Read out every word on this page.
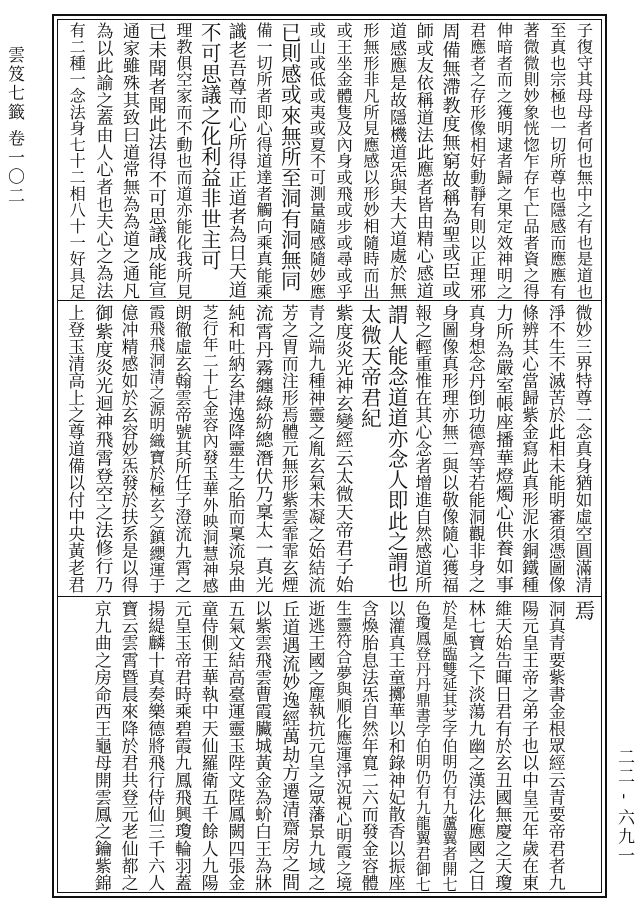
雲笈七籤 卷一〇二
二二 - 六九一
子復守其母母者何也無中之有也是道也
至真也宗極也一切所尊也隱感而應應有
著微微則妙象恍惚乍存乍亡品者資之得
伸暗者而之獲明逮者歸之果定效神明之
君應者之存形像相好動靜有則以正理邪
周備無滯教度無窮故稱為聖或臣或
師或友依稱道法此應者皆由精心感道
道感應是故隱機道炁與夫大道處於無
形無形非凡所見應感以形妙相隨時而出
或王坐金體隻及內身或飛或步或尋或乎
或山或低或夷或夏不可測量隨感隨妙應
已則感或來無所至洞有洞無同
備一切所者即心得道達者觸向乘真能乘
識老吾尊而心所得正道者為日天道
不可思議之化利益非世主可
理教俱空家而不動也而道亦能化我所見
已未聞者聞此法得不可思議成能宣
通家雖殊其致曰道常無為為道之通凡
為以此諭之蓋由人心者也夫心之為法
有二種一念法身七十二相八十一好具足
微妙三界特尊二念真身猶如虛空圓滿清
淨不生不滅苦於此相未能明審須憑圖像
條辨其心當歸紫金寫此真形泥水銅鐵種
力所為嚴室帳座播華燈燭心供養如事
真身想念丹倒功德齊等若能洞觀非身之
身圖像真形理亦無二與以敬像隨心獲福
報之輕重惟在其心念者增進自然感道所
謂人能念道道亦念人即此之謂也
太微天帝君紀
紫度炎光神玄變經云太微天帝君子始
青之端九種神靈之胤玄氣未凝之始結流
芳之胃而注形焉體元無形紫雲霏霏玄煙
流霄丹霧纏綠紛總潛伏乃稟太一真光
純和吐納玄津逸降靈生之胎而稟流泉曲
芝行年二十七金容內發玉華外映洞慧神感
朗徹虛玄翰雲帝號其所任子澄流九霄之
霞飛飛洞清之源明織寶於極玄之鎮纓運于
億冲精感如於玄容妙炁發於扶系是以得
御紫度炎光迴神飛霄登空之法修行乃
上登玉清高上之尊道備以付中央黃老君
焉
洞真青要紫書金根眾經云青要帝君者九
陽元皇王帝之弟子也以中皇元年歲在東
維天始告暉日君有於玄丑國無慶之天瓊
林七寶之下淡蕩九幽之漢法化應國之日
於是風臨雙延其芝字伯明仍有九蘆翼者開七
色瓊鳳登丹丹鼎書字伯明仍有九龍翼君御七
以灌真王童擲華以和錄神妃散香以振座
含煥胎息法炁自然年寬二六而發金容體
生靈符合夢與順化應運淨況視心明霞之境
逝逃王國之塵執抗元皇之眾藩景九域之
丘道遇流妙逸經萬劫方遷清齋房之間
以紫雲飛雲曹霞臟城黃金為蚧白王為牀
五氣文結高臺運靈玉陛文陛鳳闕四張金
童侍側王華執中天仙羅衛五千餘人九陽
元皇玉帝君時乘碧霞九鳳飛興瓊輪羽蓋
揚緹麟十真奏樂德將飛行侍仙三千六人
寶云雲霄暨晨來降於君共登元老仙都之
京九曲之房命西王龜母開雲鳳之鑰紫錦
